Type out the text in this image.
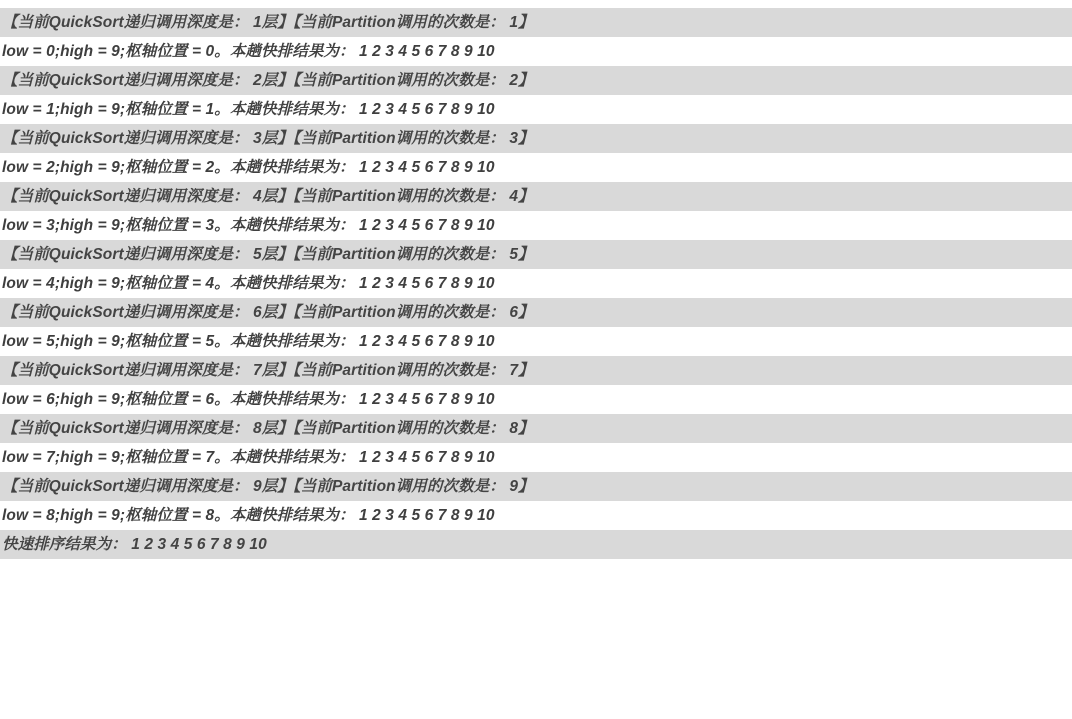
【当前QuickSort递归调用深度是： 1层】【当前Partition调用的次数是： 1】
low = 0;high = 9;枢轴位置 = 0。本趟快排结果为： 1 2 3 4 5 6 7 8 9 10
【当前QuickSort递归调用深度是： 2层】【当前Partition调用的次数是： 2】
low = 1;high = 9;枢轴位置 = 1。本趟快排结果为： 1 2 3 4 5 6 7 8 9 10
【当前QuickSort递归调用深度是： 3层】【当前Partition调用的次数是： 3】
low = 2;high = 9;枢轴位置 = 2。本趟快排结果为： 1 2 3 4 5 6 7 8 9 10
【当前QuickSort递归调用深度是： 4层】【当前Partition调用的次数是： 4】
low = 3;high = 9;枢轴位置 = 3。本趟快排结果为： 1 2 3 4 5 6 7 8 9 10
【当前QuickSort递归调用深度是： 5层】【当前Partition调用的次数是： 5】
low = 4;high = 9;枢轴位置 = 4。本趟快排结果为： 1 2 3 4 5 6 7 8 9 10
【当前QuickSort递归调用深度是： 6层】【当前Partition调用的次数是： 6】
low = 5;high = 9;枢轴位置 = 5。本趟快排结果为： 1 2 3 4 5 6 7 8 9 10
【当前QuickSort递归调用深度是： 7层】【当前Partition调用的次数是： 7】
low = 6;high = 9;枢轴位置 = 6。本趟快排结果为： 1 2 3 4 5 6 7 8 9 10
【当前QuickSort递归调用深度是： 8层】【当前Partition调用的次数是： 8】
low = 7;high = 9;枢轴位置 = 7。本趟快排结果为： 1 2 3 4 5 6 7 8 9 10
【当前QuickSort递归调用深度是： 9层】【当前Partition调用的次数是： 9】
low = 8;high = 9;枢轴位置 = 8。本趟快排结果为： 1 2 3 4 5 6 7 8 9 10
快速排序结果为： 1 2 3 4 5 6 7 8 9 10
